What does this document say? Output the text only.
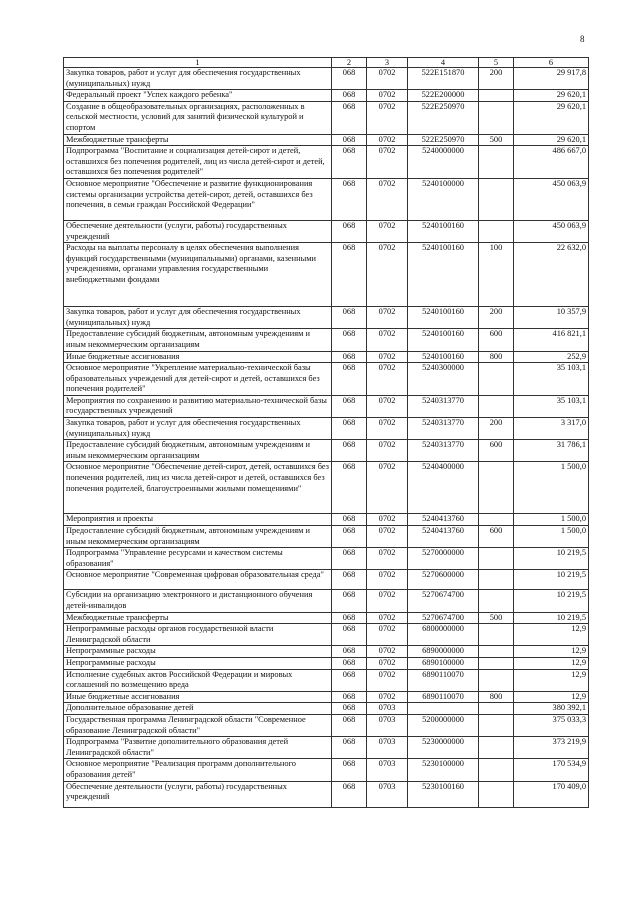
8
1	2	3	4	5	6
Закупка товаров, работ и услуг для обеспечения государственных (муниципальных) нужд	068	0702	522E151870	200	29 917,8
Федеральный проект "Успех каждого ребенка"	068	0702	522E200000		29 620,1
Создание в общеобразовательных организациях, расположенных в сельской местности, условий для занятий физической культурой и спортом	068	0702	522E250970		29 620,1
Межбюджетные трансферты	068	0702	522E250970	500	29 620,1
Подпрограмма "Воспитание и социализация детей-сирот и детей, оставшихся без попечения родителей, лиц из числа детей-сирот и детей, оставшихся без попечения родителей"	068	0702	5240000000		486 667,0
Основное мероприятие "Обеспечение и развитие функционирования системы организации устройства детей-сирот, детей, оставшихся без попечения, в семьи граждан Российской Федерации"	068	0702	5240100000		450 063,9
Обеспечение деятельности (услуги, работы) государственных учреждений	068	0702	5240100160		450 063,9
Расходы на выплаты персоналу в целях обеспечения выполнения функций государственными (муниципальными) органами, казенными учреждениями, органами управления государственными внебюджетными фондами	068	0702	5240100160	100	22 632,0
Закупка товаров, работ и услуг для обеспечения государственных (муниципальных) нужд	068	0702	5240100160	200	10 357,9
Предоставление субсидий бюджетным, автономным учреждениям и иным некоммерческим организациям	068	0702	5240100160	600	416 821,1
Иные бюджетные ассигнования	068	0702	5240100160	800	252,9
Основное мероприятие "Укрепление материально-технической базы образовательных учреждений для детей-сирот и детей, оставшихся без попечения родителей"	068	0702	5240300000		35 103,1
Мероприятия по сохранению и развитию материально-технической базы государственных учреждений	068	0702	5240313770		35 103,1
Закупка товаров, работ и услуг для обеспечения государственных (муниципальных) нужд	068	0702	5240313770	200	3 317,0
Предоставление субсидий бюджетным, автономным учреждениям и иным некоммерческим организациям	068	0702	5240313770	600	31 786,1
Основное мероприятие "Обеспечение детей-сирот, детей, оставшихся без попечения родителей, лиц из числа детей-сирот и детей, оставшихся без попечения родителей, благоустроенными жилыми помещениями"	068	0702	5240400000		1 500,0
Мероприятия и проекты	068	0702	5240413760		1 500,0
Предоставление субсидий бюджетным, автономным учреждениям и иным некоммерческим организациям	068	0702	5240413760	600	1 500,0
Подпрограмма "Управление ресурсами и качеством системы образования"	068	0702	5270000000		10 219,5
Основное мероприятие "Современная цифровая образовательная среда"	068	0702	5270600000		10 219,5
Субсидии на организацию электронного и дистанционного обучения детей-инвалидов	068	0702	5270674700		10 219,5
Межбюджетные трансферты	068	0702	5270674700	500	10 219,5
Непрограммные расходы органов государственной власти Ленинградской области	068	0702	6800000000		12,9
Непрограммные расходы	068	0702	6890000000		12,9
Непрограммные расходы	068	0702	6890100000		12,9
Исполнение судебных актов Российской Федерации и мировых соглашений по возмещению вреда	068	0702	6890110070		12,9
Иные бюджетные ассигнования	068	0702	6890110070	800	12,9
Дополнительное образование детей	068	0703			380 392,1
Государственная программа Ленинградской области "Современное образование Ленинградской области"	068	0703	5200000000		375 033,3
Подпрограмма "Развитие дополнительного образования детей Ленинградской области"	068	0703	5230000000		373 219,9
Основное мероприятие "Реализация программ дополнительного образования детей"	068	0703	5230100000		170 534,9
Обеспечение деятельности (услуги, работы) государственных учреждений	068	0703	5230100160		170 409,0
